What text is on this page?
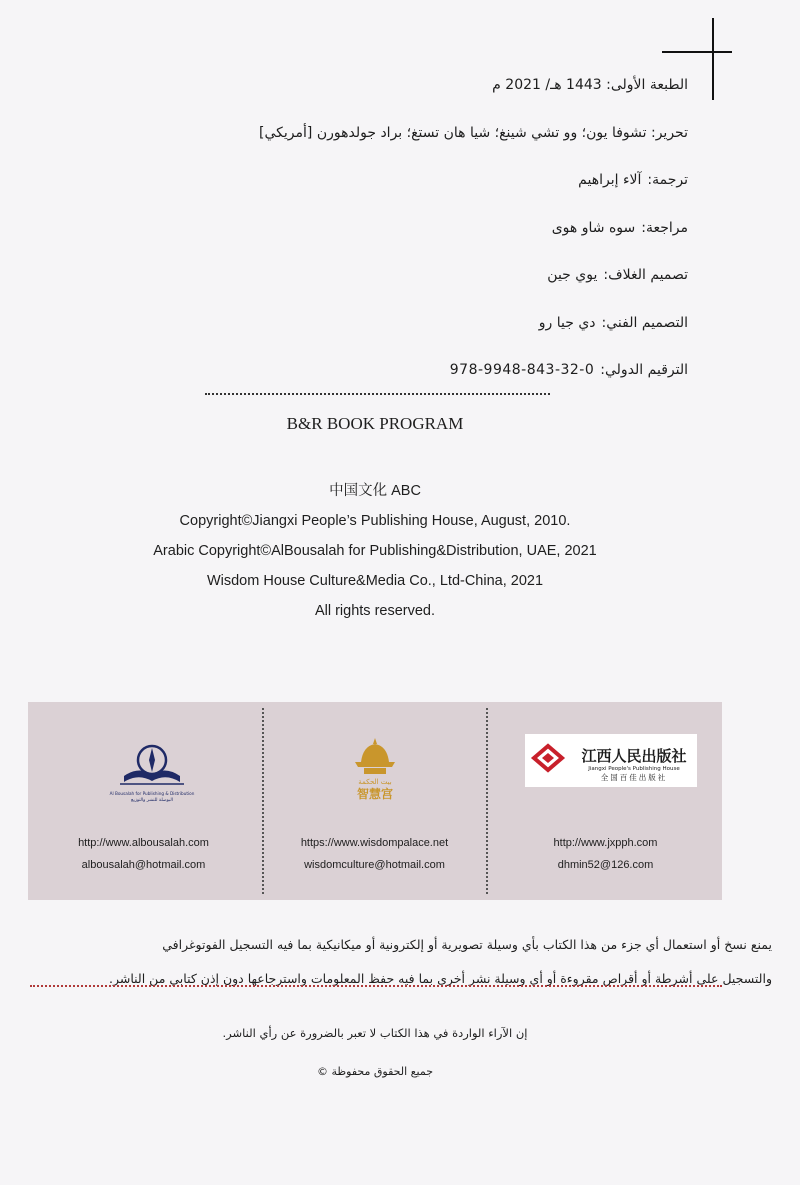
الطبعة الأولى: 1443 هـ/ 2021 م
تحرير: تشوفا يون؛ وو تشي شينغ؛ شيا هان تستغ؛ براد جولدهورن [أمريكي]
ترجمة:آلاء إبراهيم
مراجعة:سوه شاو هوى
تصميم الغلاف:يوي جين
التصميم الفني:دي جيا رو
الترقيم الدولي:978-9948-843-32-0
B&R BOOK PROGRAM
中国文化 ABC
Copyright©Jiangxi People’s Publishing House, August, 2010.
Arabic Copyright©AlBousalah for Publishing&Distribution, UAE, 2021
Wisdom House Culture&Media Co., Ltd-China, 2021
All rights reserved.
Al Bousalah for Publishing & Distribution
البوصلة للنشر والتوزيع
http://www.albousalah.com
albousalah@hotmail.com
بيت الحكمة
智慧宫
https://www.wisdompalace.net
wisdomculture@hotmail.com
江西人民出版社
Jiangxi People's Publishing House
全国百佳出版社
http://www.jxpph.com
dhmin52@126.com
يمنع نسخ أو استعمال أي جزء من هذا الكتاب بأي وسيلة تصويرية أو إلكترونية أو ميكانيكية بما فيه التسجيل الفوتوغرافي
والتسجيل على أشرطة أو أقراص مقروءة أو أي وسيلة نشر أخرى بما فيه حفظ المعلومات واسترجاعها دون إذن كتابي من الناشر.
إن الآراء الواردة في هذا الكتاب لا تعبر بالضرورة عن رأي الناشر.
جميع الحقوق محفوظة ©
